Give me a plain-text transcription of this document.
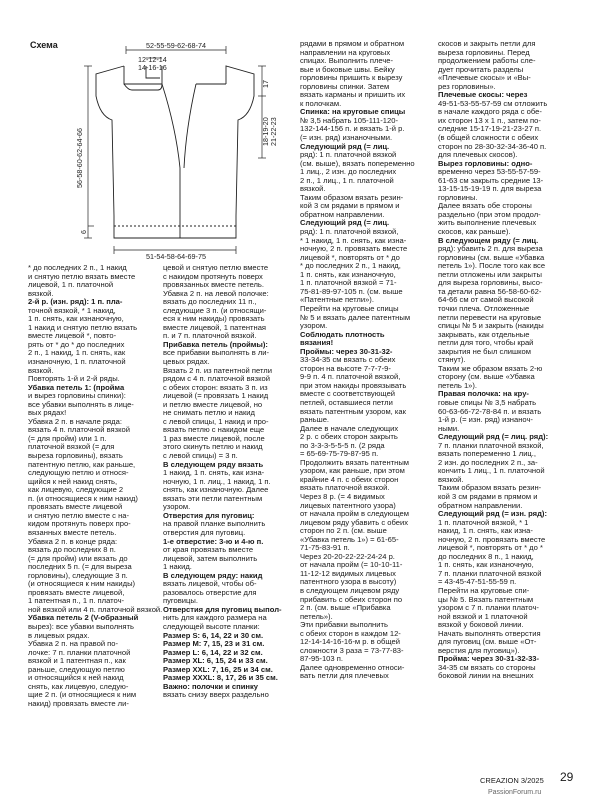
Схема	52-55-59-62-68-74
12-12-14
14-16-16
56-58-60-62-64-66
6
17
18-19-20 21-22-23
51-54-58-64-69-75

* до последних 2 п., 1 накид

и снятую петлю вязать вместе

лицевой, 1 п. платочной

вязкой.

2-й р. (изн. ряд): 1 п. пла-

точной вязкой, * 1 накид,

1 п. снять, как изнаночную,

1 накид и снятую петлю вязать

вместе лицевой *, повто-

рять от * до * до последних

2 п., 1 накид, 1 п. снять, как

изнаночную, 1 п. платочной

вязкой.

Повторять 1-й и 2-й ряды.

Убавка петель 1: (пройма

и вырез горловины спинки):

все убавки выполнять в лице-

вых рядах!

Убавка 2 п. в начале ряда:

вязать 4 п. платочной вязкой

(= для пройм) или 1 п.

платочной вязкой (= для

выреза горловины), вязать

патентную петлю, как раньше,

следующую петлю и относя-

щийся к ней накид снять,

как лицевую, следующие 2

п. (и относящиеся к ним накид)

провязать вместе лицевой

и снятую петлю вместе с на-

кидом протянуть поверх про-

вязанных вместе петель.

Убавка 2 п. в конце ряда:

вязать до последних 8 п.

(= для пройм) или вязать до

последних 5 п. (= для выреза

горловины), следующие 3 п.

(и относящиеся к ним накиды)

провязать вместе лицевой,

1 патентная п., 1 п. платоч-

ной вязкой или 4 п. платочной вязкой.

Убавка петель 2 (V-образный

вырез): все убавки выполнять

в лицевых рядах.

Убавка 2 п. на правой по-

лочке: 7 п. планки платочной

вязкой и 1 патентная п., как

раньше, следующую петлю

и относящийся к ней накид

снять, как лицевую, следую-

щие 2 п. (и относящиеся к ним

накид) провязать вместе ли-

цевой и снятую петлю вместе

с накидом протянуть поверх

провязанных вместе петель.

Убавка 2 п. на левой полочке:

вязать до последних 11 п.,

следующие 3 п. (и относящи-

еся к ним накиды) провязать

вместе лицевой, 1 патентная

п. и 7 п. платочной вязкой.

Прибавка петель (проймы):

все прибавки выполнять в ли-

цевых рядах.

Вязать 2 п. из патентной петли

рядом с 4 п. платочной вязкой

с обеих сторон: вязать 3 п. из

лицевой (= провязать 1 накид

и петлю вместе лицевой, но

не снимать петлю и накид

с левой спицы, 1 накид и про-

вязать петлю с накидом еще

1 раз вместе лицевой, после

этого скинуть петлю и накид

с левой спицы) = 3 п.

В следующем ряду вязать

1 накид, 1 п. снять, как изна-

ночную, 1 п. лиц., 1 накид, 1 п.

снять, как изнаночную. Далее

вязать эти петли патентным

узором.

Отверстия для пуговиц:

на правой планке выполнить

отверстия для пуговиц.

1-е отверстие: 3-ю и 4-ю п.

от края провязать вместе

лицевой, затем выполнить

1 накид.

В следующем ряду: накид

вязать лицевой, чтобы об-

разовалось отверстие для

пуговицы.

Отверстия для пуговиц выпол-

нить для каждого размера на

следующей высоте планки:

Размер S: 6, 14, 22 и 30 см.

Размер M: 7, 15, 23 и 31 см.

Размер L: 6, 14, 22 и 32 см.

Размер XL: 6, 15, 24 и 33 см.

Размер XXL: 7, 16, 25 и 34 см.

Размер XXXL: 8, 17, 26 и 35 см.

Важно: полочки и спинку

вязать снизу вверх раздельно

рядами в прямом и обратном

направлении на круговых

спицах. Выполнить плече-

вые и боковые швы. Бейку

горловины пришить к вырезу

горловины спинки. Затем

вязать карманы и пришить их

к полочкам.

Спинка: на круговые спицы

№ 3,5 набрать 105-111-120-

132-144-156 п. и вязать 1-й р.

(= изн. ряд) изнаночными.

Следующий ряд (= лиц.

ряд): 1 п. платочной вязкой

(см. выше), вязать попеременно

1 лиц., 2 изн. до последних

2 п., 1 лиц., 1 п. платочной

вязкой.

Таким образом вязать резин-

кой 3 см рядами в прямом и

обратном направлении.

Следующий ряд (= лиц.

ряд): 1 п. платочной вязкой,

* 1 накид, 1 п. снять, как изна-

ночную, 2 п. провязать вместе

лицевой *, повторять от * до

* до последних 2 п., 1 накид,

1 п. снять, как изнаночную,

1 п. платочной вязкой = 71-

75-81-89-97-105 п. (см. выше

«Патентные петли»).

Перейти на круговые спицы

№ 5 и вязать далее патентным

узором.

Соблюдать плотность

вязания!

Проймы: через 30-31-32-

33-34-35 см вязать с обеих

сторон на высоте 7-7-7-9-

9-9 п. 4 п. платочной вязкой,

при этом накиды провязывать

вместе с соответствующей

петлей, оставшиеся петли

вязать патентным узором, как

раньше.

Далее в начале следующих

2 р. с обеих сторон закрыть

по 3-3-3-5-5-5 п. (2 ряда

= 65-69-75-79-87-95 п.

Продолжить вязать патентным

узором, как раньше, при этом

крайние 4 п. с обеих сторон

вязать платочной вязкой.

Через 8 р. (= 4 видимых

лицевых патентного узора)

от начала пройм в следующем

лицевом ряду убавить с обеих

сторон по 2 п. (см. выше

«Убавка петель 1») = 61-65-

71-75-83-91 п.

Через 20-20-22-22-24-24 р.

от начала пройм (= 10-10-11-

11-12-12 видимых лицевых

патентного узора в высоту)

в следующем лицевом ряду

прибавить с обеих сторон по

2 п. (см. выше «Прибавка

петель»).

Эти прибавки выполнить

с обеих сторон в каждом 12-

12-14-14-16-16-м р. в общей

сложности 3 раза = 73-77-83-

87-95-103 п.

Далее одновременно относи-

вать петли для плечевых

скосов и закрыть петли для

выреза горловины. Перед

продолжением работы сле-

дует прочитать разделы

«Плечевые скосы» и «Вы-

рез горловины».

Плечевые скосы: через

49-51-53-55-57-59 см отложить

в начале каждого ряда с обе-

их сторон 13 х 1 п., затем по-

следние 15-17-19-21-23-27 п.

(в общей сложности с обеих

сторон по 28-30-32-34-36-40 п.

для плечевых скосов).

Вырез горловины: одно-

временно через 53-55-57-59-

61-63 см закрыть средние 13-

13-15-15-19-19 п. для выреза

горловины.

Далее вязать обе стороны

раздельно (при этом продол-

жить выполнение плечевых

скосов, как раньше).

В следующем ряду (= лиц.

ряд): убавить 2 п. для выреза

горловины (см. выше «Убавка

петель 1»). После того как все

петли отложены или закрыты

для выреза горловины, высо-

та детали равна 56-58-60-62-

64-66 см от самой высокой

точки плеча. Отложенные

петли перевести на круговые

спицы № 5 и закрыть (накиды

закрывать, как отдельные

петли для того, чтобы край

закрытия не был слишком

стянут).

Таким же образом вязать 2-ю

сторону (см. выше «Убавка

петель 1»).

Правая полочка: на кру-

говые спицы № 3,5 набрать

60-63-66-72-78-84 п. и вязать

1-й р. (= изн. ряд) изнаноч-

ными.

Следующий ряд (= лиц. ряд):

7 п. планки платочной вязкой,

вязать попеременно 1 лиц.,

2 изн. до последних 2 п., за-

кончить 1 лиц., 1 п. платочной

вязкой.

Таким образом вязать резин-

кой 3 см рядами в прямом и

обратном направлении.

Следующий ряд (= изн. ряд):

1 п. платочной вязкой, * 1

накид, 1 п. снять, как изна-

ночную, 2 п. провязать вместе

лицевой *, повторять от * до *

до последних 8 п., 1 накид,

1 п. снять, как изнаночную,

7 п. планки платочной вязкой

= 43-45-47-51-55-59 п.

Перейти на круговые спи-

цы № 5. Вязать патентным

узором с 7 п. планки платоч-

ной вязкой и 1 платочной

вязкой у боковой линии.

Начать выполнять отверстия

для пуговиц (см. выше «От-

верстия для пуговиц»).

Пройма: через 30-31-32-33-

34-35 см вязать со стороны

боковой линии на внешних

CREAZION 3/2025 29
PassionForum.ru
